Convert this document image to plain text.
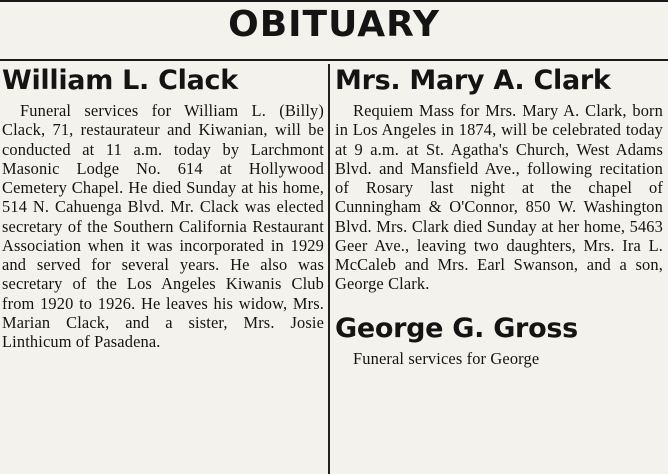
OBITUARY
William L. Clack

Funeral services for William L. (Billy) Clack, 71, restaurateur and Kiwanian, will be conducted at 11 a.m. today by Larchmont Masonic Lodge No. 614 at Hollywood Cemetery Chapel. He died Sunday at his home, 514 N. Cahuenga Blvd. Mr. Clack was elected secretary of the Southern California Restaurant Association when it was incorporated in 1929 and served for several years. He also was secretary of the Los Angeles Kiwanis Club from 1920 to 1926. He leaves his widow, Mrs. Marian Clack, and a sister, Mrs. Josie Linthicum of Pasadena.

Mrs. Mary A. Clark

Requiem Mass for Mrs. Mary A. Clark, born in Los Angeles in 1874, will be celebrated today at 9 a.m. at St. Agatha's Church, West Adams Blvd. and Mansfield Ave., following recitation of Rosary last night at the chapel of Cunningham & O'Connor, 850 W. Washington Blvd. Mrs. Clark died Sunday at her home, 5463 Geer Ave., leaving two daughters, Mrs. Ira L. McCaleb and Mrs. Earl Swanson, and a son, George Clark.

George G. Gross

Funeral services for George
